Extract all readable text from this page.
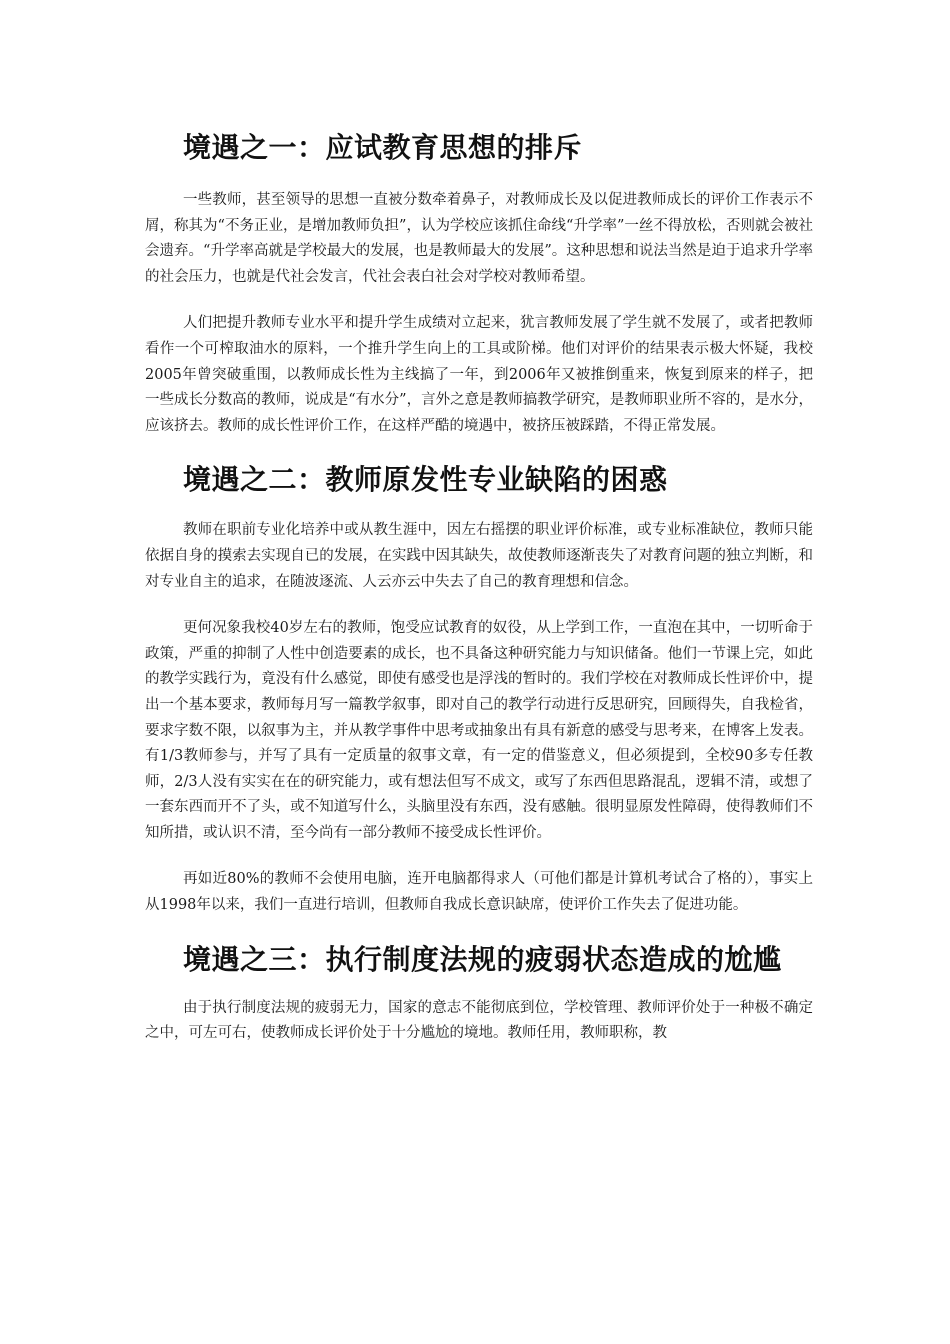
境遇之一：应试教育思想的排斥

一些教师，甚至领导的思想一直被分数牵着鼻子，对教师成长及以促进教师成长的评价工作表示不屑，称其为“不务正业，是增加教师负担”，认为学校应该抓住命线“升学率”一丝不得放松，否则就会被社会遗弃。“升学率高就是学校最大的发展，也是教师最大的发展”。这种思想和说法当然是迫于追求升学率的社会压力，也就是代社会发言，代社会表白社会对学校对教师希望。

人们把提升教师专业水平和提升学生成绩对立起来，犹言教师发展了学生就不发展了，或者把教师看作一个可榨取油水的原料，一个推升学生向上的工具或阶梯。他们对评价的结果表示极大怀疑，我校2005年曾突破重围，以教师成长性为主线搞了一年，到2006年又被推倒重来，恢复到原来的样子，把一些成长分数高的教师，说成是“有水分”，言外之意是教师搞教学研究，是教师职业所不容的，是水分，应该挤去。教师的成长性评价工作，在这样严酷的境遇中，被挤压被踩踏，不得正常发展。

境遇之二：教师原发性专业缺陷的困惑

教师在职前专业化培养中或从教生涯中，因左右摇摆的职业评价标准，或专业标准缺位，教师只能依据自身的摸索去实现自已的发展，在实践中因其缺失，故使教师逐渐丧失了对教育问题的独立判断，和对专业自主的追求，在随波逐流、人云亦云中失去了自己的教育理想和信念。

更何况象我校40岁左右的教师，饱受应试教育的奴役，从上学到工作，一直泡在其中，一切听命于政策，严重的抑制了人性中创造要素的成长，也不具备这种研究能力与知识储备。他们一节课上完，如此的教学实践行为，竟没有什么感觉，即使有感受也是浮浅的暂时的。我们学校在对教师成长性评价中，提出一个基本要求，教师每月写一篇教学叙事，即对自己的教学行动进行反思研究，回顾得失，自我检省，要求字数不限，以叙事为主，并从教学事件中思考或抽象出有具有新意的感受与思考来，在博客上发表。有1/3教师参与，并写了具有一定质量的叙事文章，有一定的借鉴意义，但必须提到，全校90多专任教师，2/3人没有实实在在的研究能力，或有想法但写不成文，或写了东西但思路混乱，逻辑不清，或想了一套东西而开不了头，或不知道写什么，头脑里没有东西，没有感触。很明显原发性障碍，使得教师们不知所措，或认识不清，至今尚有一部分教师不接受成长性评价。

再如近80%的教师不会使用电脑，连开电脑都得求人（可他们都是计算机考试合了格的），事实上从1998年以来，我们一直进行培训，但教师自我成长意识缺席，使评价工作失去了促进功能。

境遇之三：执行制度法规的疲弱状态造成的尬尴

由于执行制度法规的疲弱无力，国家的意志不能彻底到位，学校管理、教师评价处于一种极不确定之中，可左可右，使教师成长评价处于十分尴尬的境地。教师任用，教师职称，教
